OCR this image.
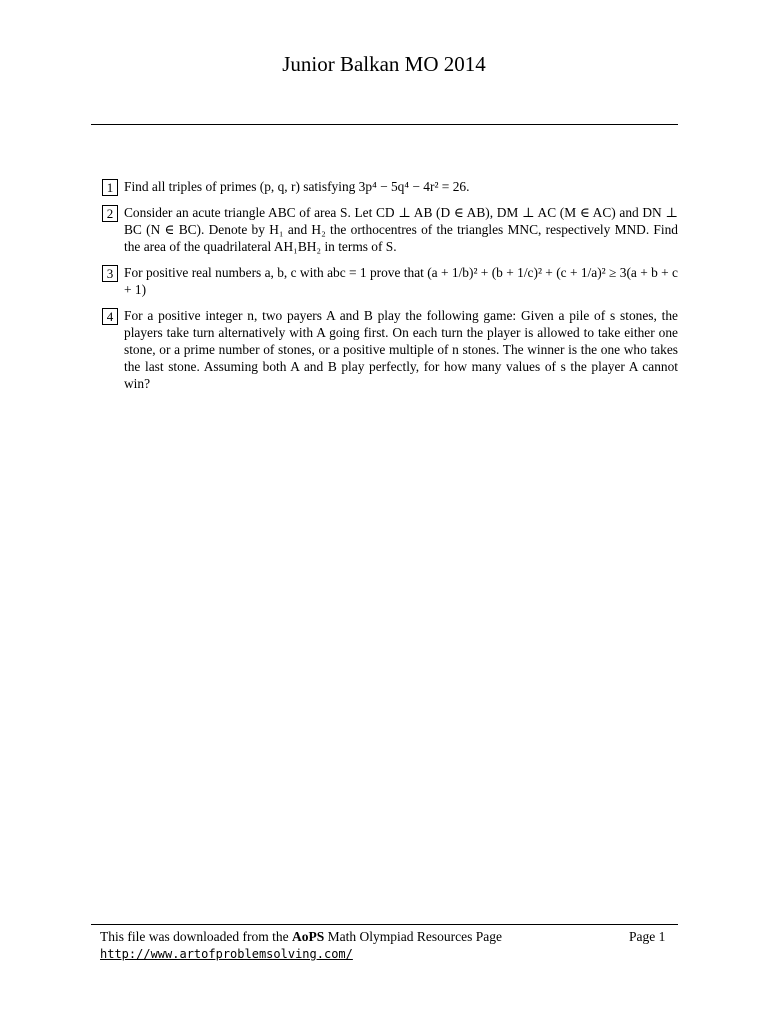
Junior Balkan MO 2014
1 Find all triples of primes (p, q, r) satisfying 3p⁴ − 5q⁴ − 4r² = 26.
2 Consider an acute triangle ABC of area S. Let CD ⊥ AB (D ∈ AB), DM ⊥ AC (M ∈ AC) and DN ⊥ BC (N ∈ BC). Denote by H₁ and H₂ the orthocentres of the triangles MNC, respectively MND. Find the area of the quadrilateral AH₁BH₂ in terms of S.
3 For positive real numbers a, b, c with abc = 1 prove that (a + 1/b)² + (b + 1/c)² + (c + 1/a)² ≥ 3(a + b + c + 1)
4 For a positive integer n, two payers A and B play the following game: Given a pile of s stones, the players take turn alternatively with A going first. On each turn the player is allowed to take either one stone, or a prime number of stones, or a positive multiple of n stones. The winner is the one who takes the last stone. Assuming both A and B play perfectly, for how many values of s the player A cannot win?
This file was downloaded from the AoPS Math Olympiad Resources Page	Page 1
http://www.artofproblemsolving.com/
